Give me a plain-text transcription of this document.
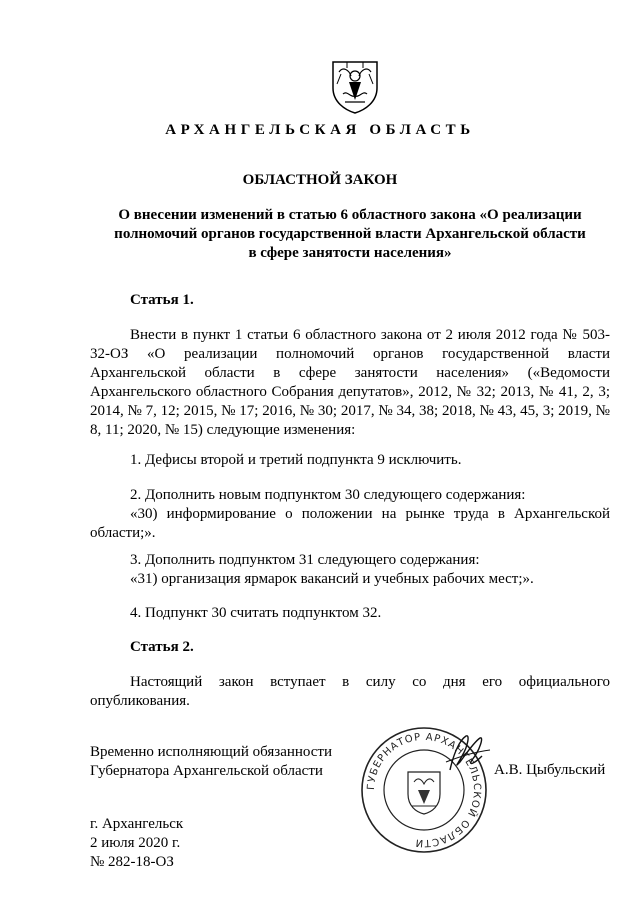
АРХАНГЕЛЬСКАЯ ОБЛАСТЬ

ОБЛАСТНОЙ ЗАКОН

О внесении изменений в статью 6 областного закона «О реализации
полномочий органов государственной власти Архангельской области
в сфере занятости населения»

Статья 1.

Внести в пункт 1 статьи 6 областного закона от 2 июля 2012 года № 503-32-ОЗ «О реализации полномочий органов государственной власти Архангельской области в сфере занятости населения» («Ведомости Архангельского областного Собрания депутатов», 2012, № 32; 2013, № 41, 2, 3; 2014, № 7, 12; 2015, № 17; 2016, № 30; 2017, № 34, 38; 2018, № 43, 45, 3; 2019, № 8, 11; 2020, № 15) следующие изменения:

1. Дефисы второй и третий подпункта 9 исключить.

2. Дополнить новым подпунктом 30 следующего содержания:

«30) информирование о положении на рынке труда в Архангельской области;».

3. Дополнить подпунктом 31 следующего содержания:

«31) организация ярмарок вакансий и учебных рабочих мест;».

4. Подпункт 30 считать подпунктом 32.

Статья 2.

Настоящий закон вступает в силу со дня его официального опубликования.

Временно исполняющий обязанности
Губернатора Архангельской области

ГУБЕРНАТОР АРХАНГЕЛЬСКОЙ ОБЛАСТИ

А.В. Цыбульский

г. Архангельск
2 июля 2020 г.
№ 282-18-ОЗ
